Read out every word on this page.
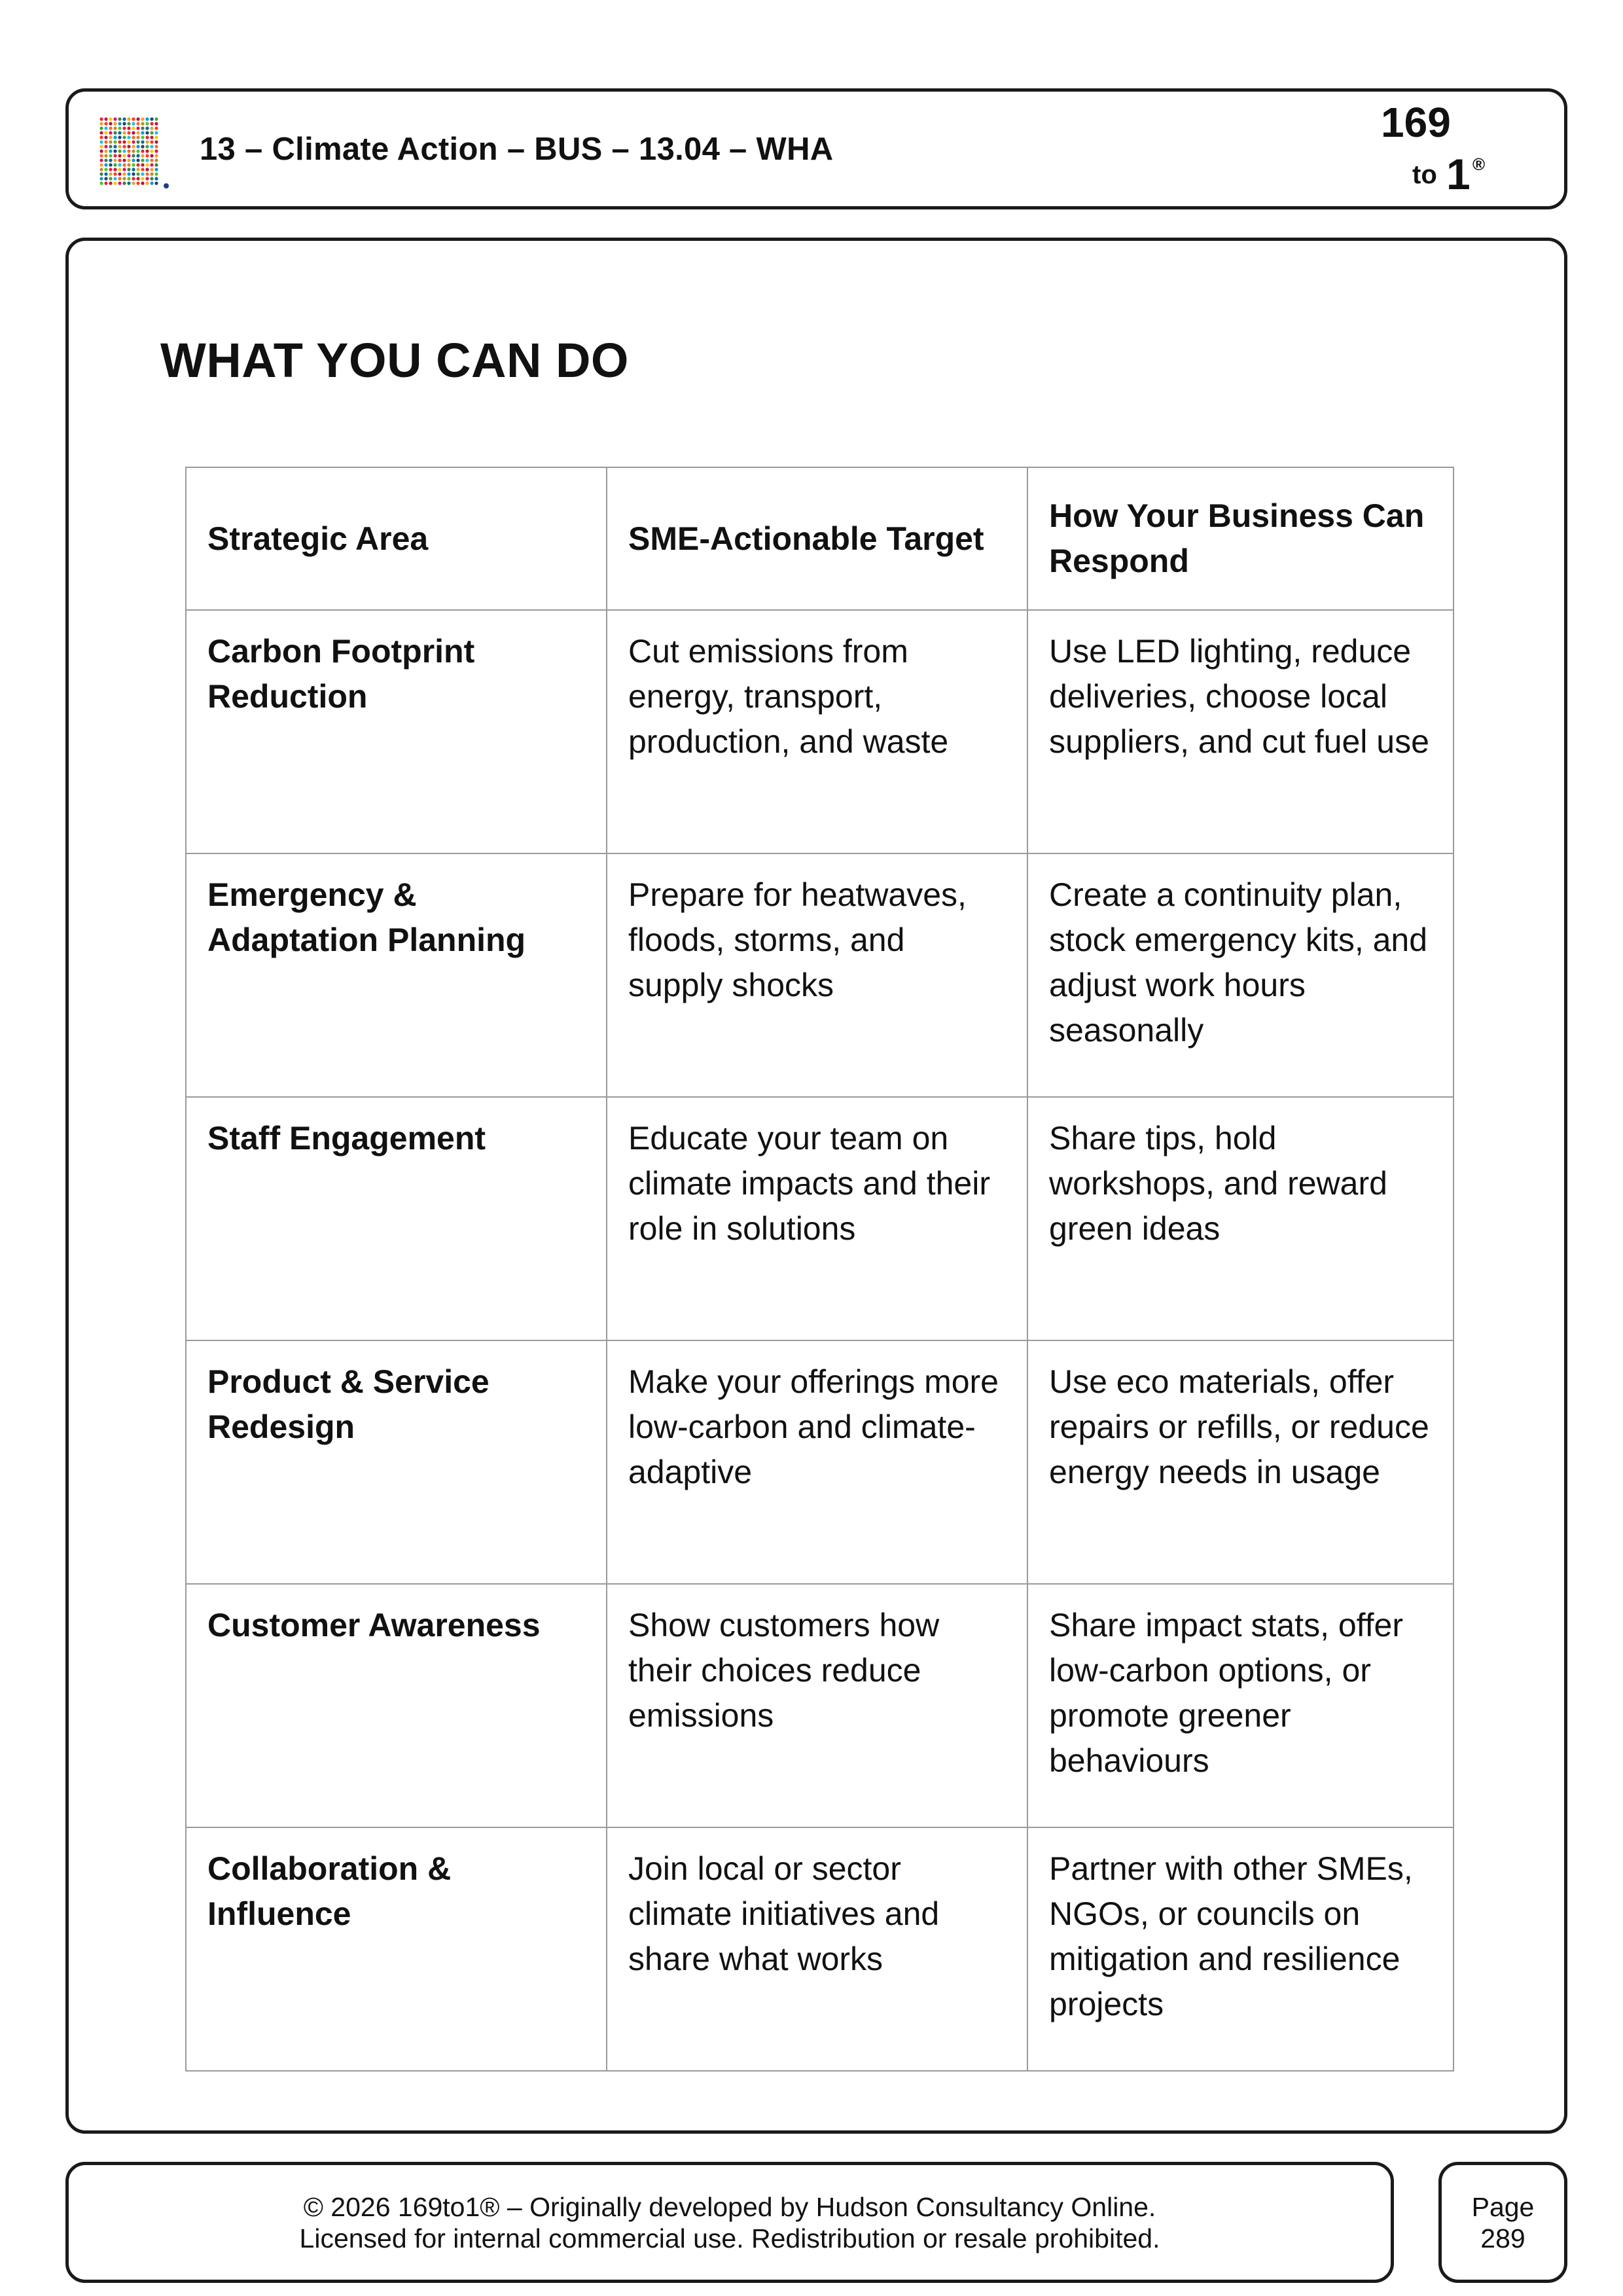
13 – Climate Action – BUS – 13.04 – WHA
169
to 1 ®
WHAT YOU CAN DO
Strategic Area	SME-Actionable Target	How Your Business Can Respond
Carbon Footprint Reduction	Cut emissions from energy, transport, production, and waste	Use LED lighting, reduce deliveries, choose local suppliers, and cut fuel use
Emergency & Adaptation Planning	Prepare for heatwaves, floods, storms, and supply shocks	Create a continuity plan, stock emergency kits, and adjust work hours seasonally
Staff Engagement	Educate your team on climate impacts and their role in solutions	Share tips, hold workshops, and reward green ideas
Product & Service Redesign	Make your offerings more low-carbon and climate-adaptive	Use eco materials, offer repairs or refills, or reduce energy needs in usage
Customer Awareness	Show customers how their choices reduce emissions	Share impact stats, offer low-carbon options, or promote greener behaviours
Collaboration & Influence	Join local or sector climate initiatives and share what works	Partner with other SMEs, NGOs, or councils on mitigation and resilience projects
© 2026 169to1® – Originally developed by Hudson Consultancy Online.
Licensed for internal commercial use. Redistribution or resale prohibited.
Page
289
